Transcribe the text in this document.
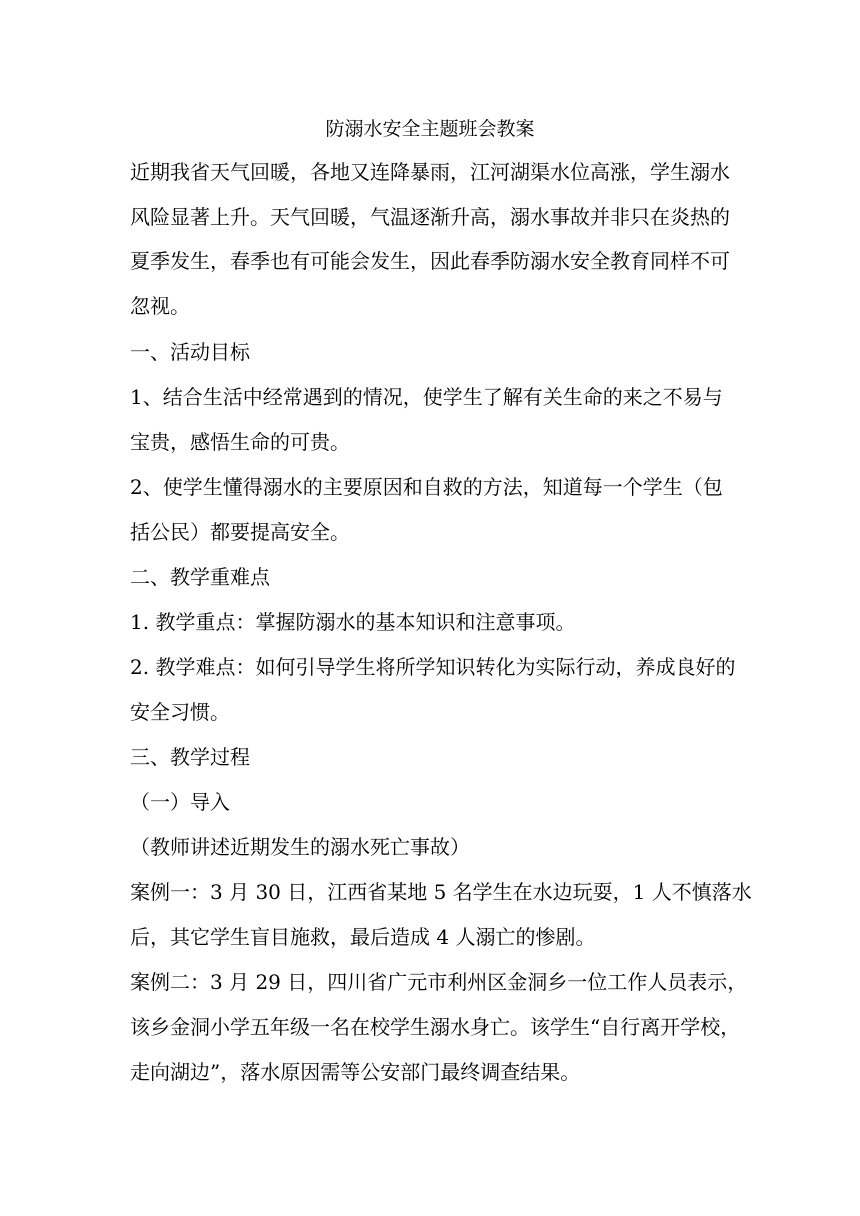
防溺水安全主题班会教案
近期我省天气回暖，各地又连降暴雨，江河湖渠水位高涨，学生溺水
风险显著上升。天气回暖，气温逐渐升高，溺水事故并非只在炎热的
夏季发生，春季也有可能会发生，因此春季防溺水安全教育同样不可
忽视。
一、活动目标
1、结合生活中经常遇到的情况，使学生了解有关生命的来之不易与
宝贵，感悟生命的可贵。
2、使学生懂得溺水的主要原因和自救的方法，知道每一个学生（包
括公民）都要提高安全。
二、教学重难点
1. 教学重点：掌握防溺水的基本知识和注意事项。
2. 教学难点：如何引导学生将所学知识转化为实际行动，养成良好的
安全习惯。
三、教学过程
（一）导入
（教师讲述近期发生的溺水死亡事故）
案例一：3 月 30 日，江西省某地 5 名学生在水边玩耍，1 人不慎落水
后，其它学生盲目施救，最后造成 4 人溺亡的惨剧。
案例二：3 月 29 日，四川省广元市利州区金洞乡一位工作人员表示，
该乡金洞小学五年级一名在校学生溺水身亡。该学生“自行离开学校，
走向湖边”，落水原因需等公安部门最终调查结果。
